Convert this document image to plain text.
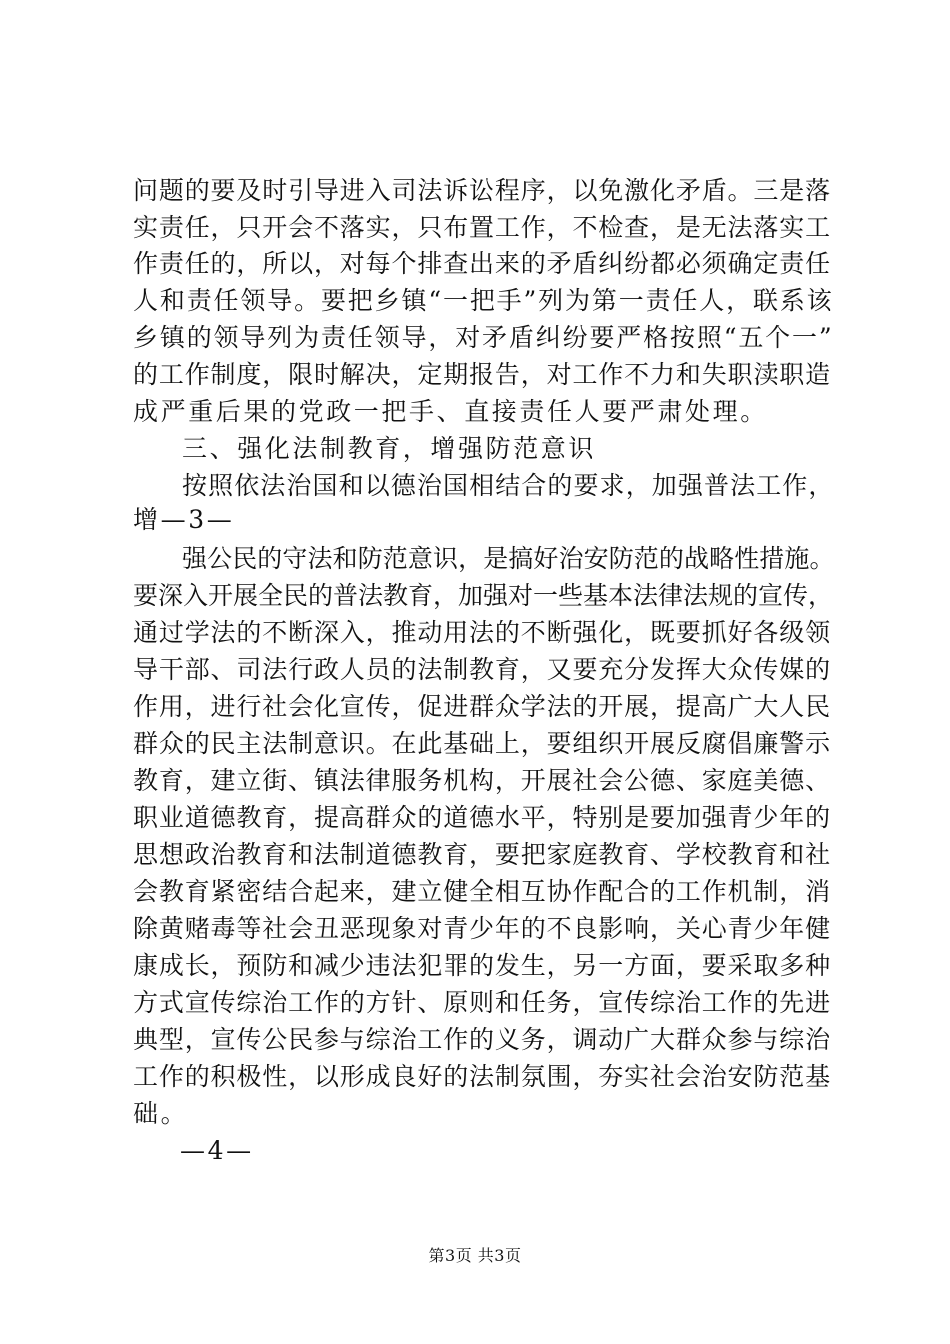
问题的要及时引导进入司法诉讼程序，以免激化矛盾。三是落
实责任，只开会不落实，只布置工作，不检查，是无法落实工
作责任的，所以，对每个排查出来的矛盾纠纷都必须确定责任
人和责任领导。要把乡镇“一把手”列为第一责任人，联系该
乡镇的领导列为责任领导，对矛盾纠纷要严格按照“五个一”
的工作制度，限时解决，定期报告，对工作不力和失职渎职造
成严重后果的党政一把手、直接责任人要严肃处理。
三、强化法制教育，增强防范意识
按照依法治国和以德治国相结合的要求，加强普法工作，
增—3—
强公民的守法和防范意识，是搞好治安防范的战略性措施。
要深入开展全民的普法教育，加强对一些基本法律法规的宣传，
通过学法的不断深入，推动用法的不断强化，既要抓好各级领
导干部、司法行政人员的法制教育，又要充分发挥大众传媒的
作用，进行社会化宣传，促进群众学法的开展，提高广大人民
群众的民主法制意识。在此基础上，要组织开展反腐倡廉警示
教育，建立街、镇法律服务机构，开展社会公德、家庭美德、
职业道德教育，提高群众的道德水平，特别是要加强青少年的
思想政治教育和法制道德教育，要把家庭教育、学校教育和社
会教育紧密结合起来，建立健全相互协作配合的工作机制，消
除黄赌毒等社会丑恶现象对青少年的不良影响，关心青少年健
康成长，预防和减少违法犯罪的发生，另一方面，要采取多种
方式宣传综治工作的方针、原则和任务，宣传综治工作的先进
典型，宣传公民参与综治工作的义务，调动广大群众参与综治
工作的积极性，以形成良好的法制氛围，夯实社会治安防范基
础。
—4—
第3页 共3页
